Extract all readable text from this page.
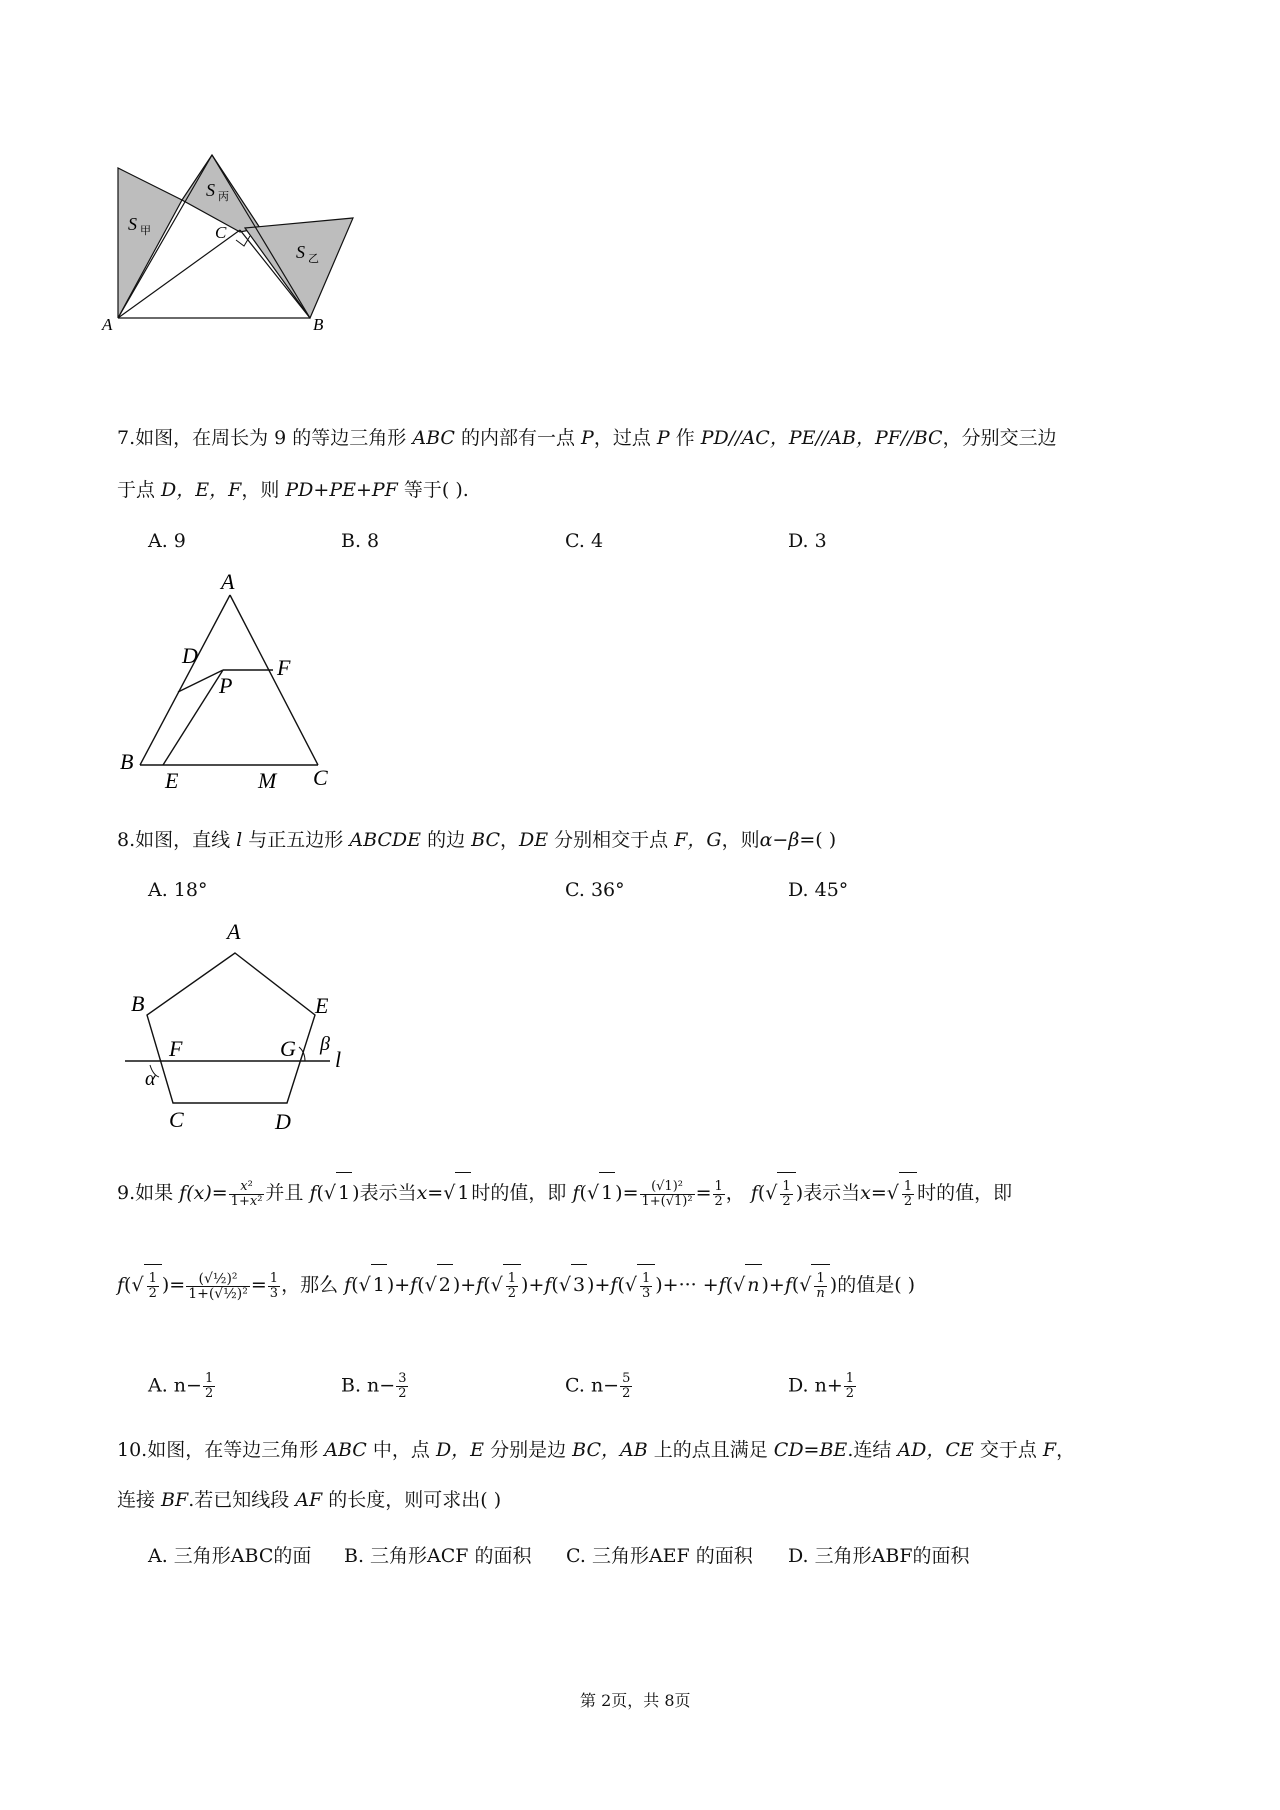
A	B
C
S 甲
S 丙
S 乙
7.如图，在周长为 9 的等边三角形 ABC 的内部有一点 P，过点 P 作 PD//AC，PE//AB，PF//BC，分别交三边
于点 D，E，F，则 PD+PE+PF 等于( ).
A. 9	B. 8	C. 4	D. 3
A
B
C
D
E
F
M
P
8.如图，直线 l 与正五边形 ABCDE 的边 BC，DE 分别相交于点 F，G，则α−β=( )
A. 18°	C. 36°	D. 45°
A
B
C	D
E
F	G l
α
β
9.如果 $f(x)= \frac{\text{x²}}{\text{1+x²}}$ 并且 f(√ 1 )表示当x=√ 1 时的值，即 f(√ 1 )= $\frac{\text{(√1)²}}{\text{1+(√1)²}} = \frac{1}{2}$ ， $f(√ \frac{1}{2}$ )表示当$x=√ \frac{1}{2}$ 时的值，即
$f(√ \frac{1}{2}$ )= $\frac{\text{(√½)²}}{\text{1+(√½)²}} = \frac{1}{3}$ ，那么 f(√ 1 )+f(√ 2 )$+f(√ \frac{1}{2} )+f(√$ 3 )$+f(√ \frac{1}{3}$ )+··· +f(√ n )$+f(√ \frac{1}{n}$ )的值是( )
A. $n- \frac{1}{2}$	B. $n- \frac{3}{2}$	C. $n- \frac{5}{2}$	D. $n+ \frac{1}{2}$
10.如图，在等边三角形 ABC 中，点 D，E 分别是边 BC，AB 上的点且满足 CD=BE.连结 AD，CE 交于点 F，
连接 BF.若已知线段 AF 的长度，则可求出( )
A. 三角形ABC的面 B. 三角形ACF 的面积 C. 三角形AEF 的面积 D. 三角形ABF的面积
第 2页，共 8页
